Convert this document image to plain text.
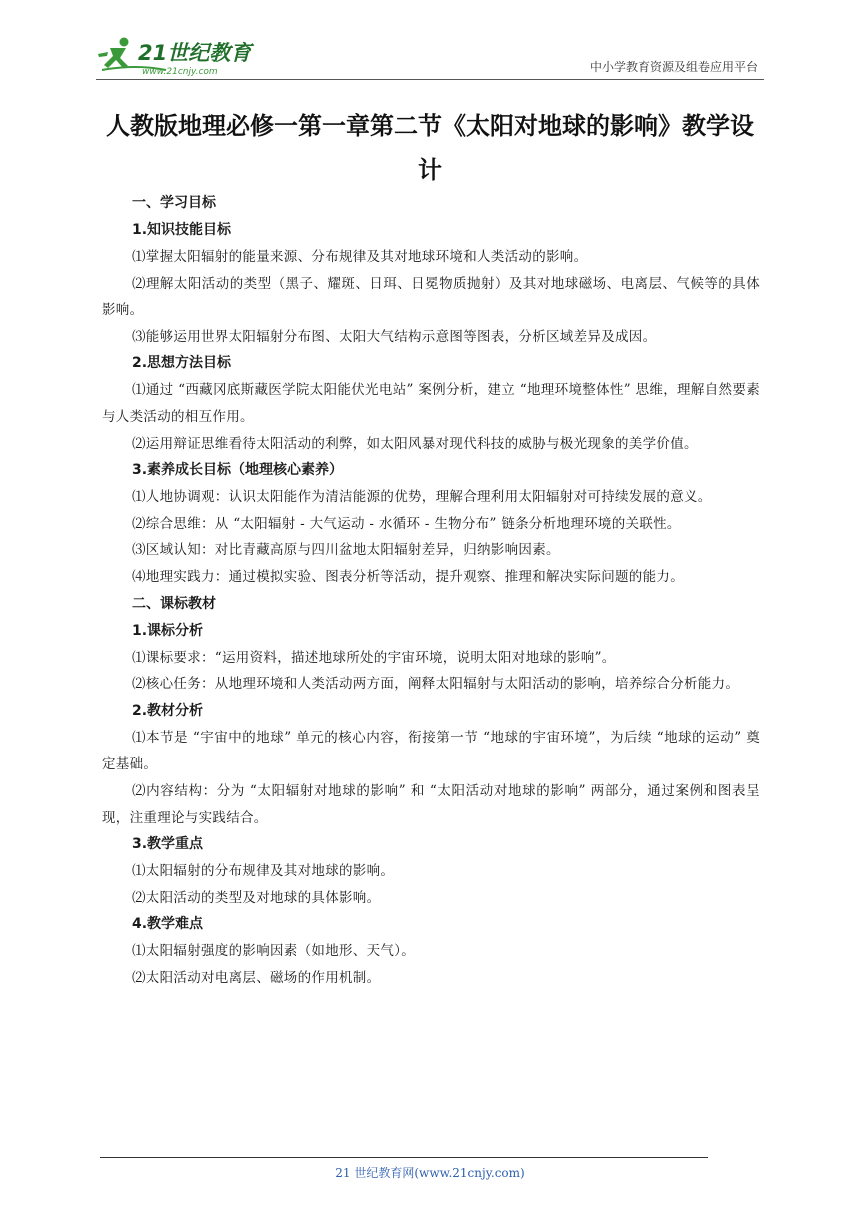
21世纪教育
www.21cnjy.com	中小学教育资源及组卷应用平台
人教版地理必修一第一章第二节《太阳对地球的影响》教学设计
一、学习目标
1.知识技能目标
⑴掌握太阳辐射的能量来源、分布规律及其对地球环境和人类活动的影响。
⑵理解太阳活动的类型（黑子、耀斑、日珥、日冕物质抛射）及其对地球磁场、电离层、气候等的具体影响。
⑶能够运用世界太阳辐射分布图、太阳大气结构示意图等图表，分析区域差异及成因。
2.思想方法目标
⑴通过 “西藏冈底斯藏医学院太阳能伏光电站” 案例分析，建立 “地理环境整体性” 思维，理解自然要素与人类活动的相互作用。
⑵运用辩证思维看待太阳活动的利弊，如太阳风暴对现代科技的威胁与极光现象的美学价值。
3.素养成长目标（地理核心素养）
⑴人地协调观：认识太阳能作为清洁能源的优势，理解合理利用太阳辐射对可持续发展的意义。
⑵综合思维：从 “太阳辐射 - 大气运动 - 水循环 - 生物分布” 链条分析地理环境的关联性。
⑶区域认知：对比青藏高原与四川盆地太阳辐射差异，归纳影响因素。
⑷地理实践力：通过模拟实验、图表分析等活动，提升观察、推理和解决实际问题的能力。
二、课标教材
1.课标分析
⑴课标要求：“运用资料，描述地球所处的宇宙环境，说明太阳对地球的影响”。
⑵核心任务：从地理环境和人类活动两方面，阐释太阳辐射与太阳活动的影响，培养综合分析能力。
2.教材分析
⑴本节是 “宇宙中的地球” 单元的核心内容，衔接第一节 “地球的宇宙环境”，为后续 “地球的运动” 奠定基础。
⑵内容结构：分为 “太阳辐射对地球的影响” 和 “太阳活动对地球的影响” 两部分，通过案例和图表呈现，注重理论与实践结合。
3.教学重点
⑴太阳辐射的分布规律及其对地球的影响。
⑵太阳活动的类型及对地球的具体影响。
4.教学难点
⑴太阳辐射强度的影响因素（如地形、天气）。
⑵太阳活动对电离层、磁场的作用机制。
21 世纪教育网(www.21cnjy.com)
